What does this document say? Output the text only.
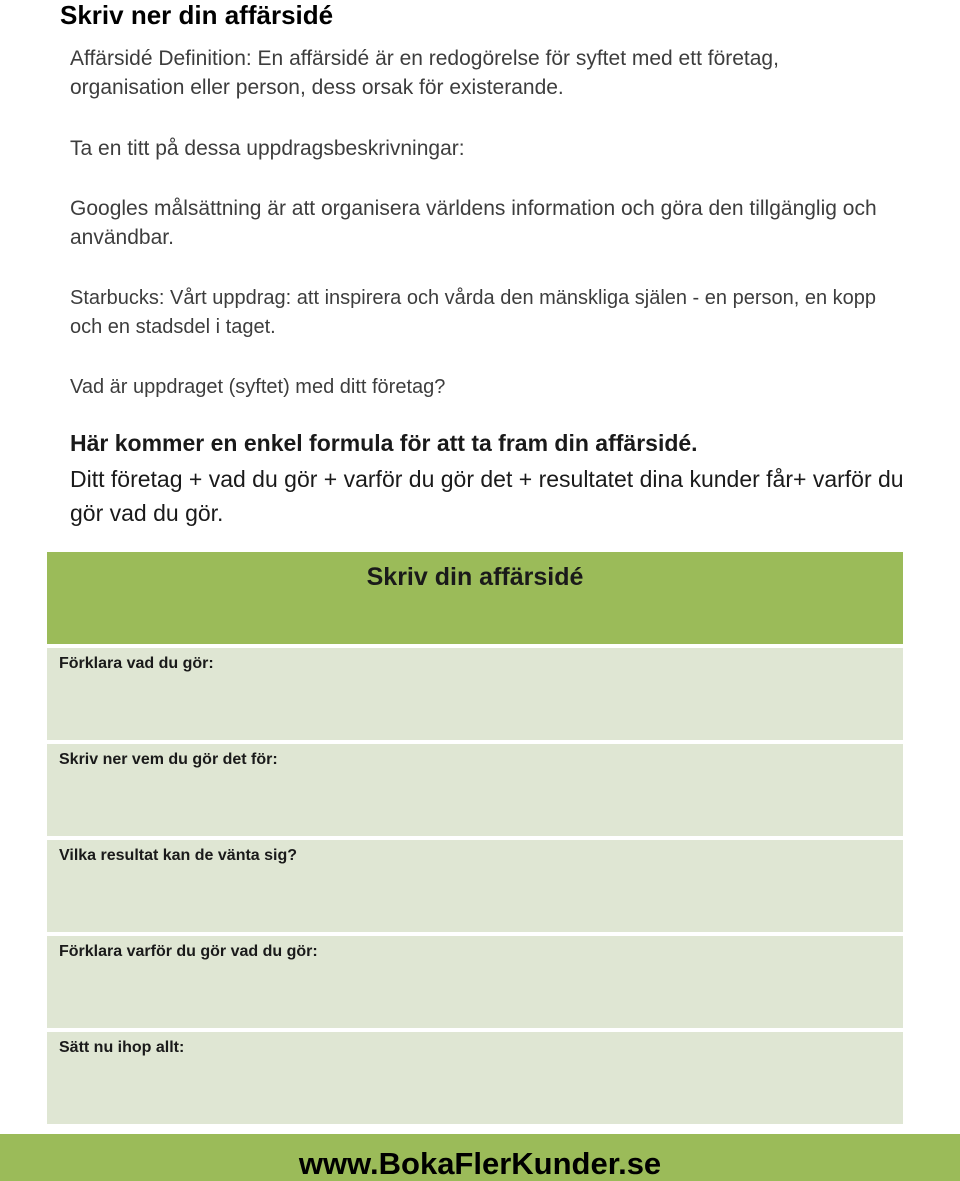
Skriv ner din affärsidé

Affärsidé Definition: En affärsidé är en redogörelse för syftet med ett företag, organisation eller person, dess orsak för existerande.

Ta en titt på dessa uppdragsbeskrivningar:

Googles målsättning är att organisera världens information och göra den tillgänglig och användbar.

Starbucks: Vårt uppdrag: att inspirera och vårda den mänskliga själen - en person, en kopp och en stadsdel i taget.

Vad är uppdraget (syftet) med ditt företag?

Här kommer en enkel formula för att ta fram din affärsidé.

Ditt företag + vad du gör + varför du gör det + resultatet dina kunder får+ varför du gör vad du gör.

Skriv din affärsidé
Förklara vad du gör:
Skriv ner vem du gör det för:
Vilka resultat kan de vänta sig?
Förklara varför du gör vad du gör:
Sätt nu ihop allt:
www.BokaFlerKunder.se
